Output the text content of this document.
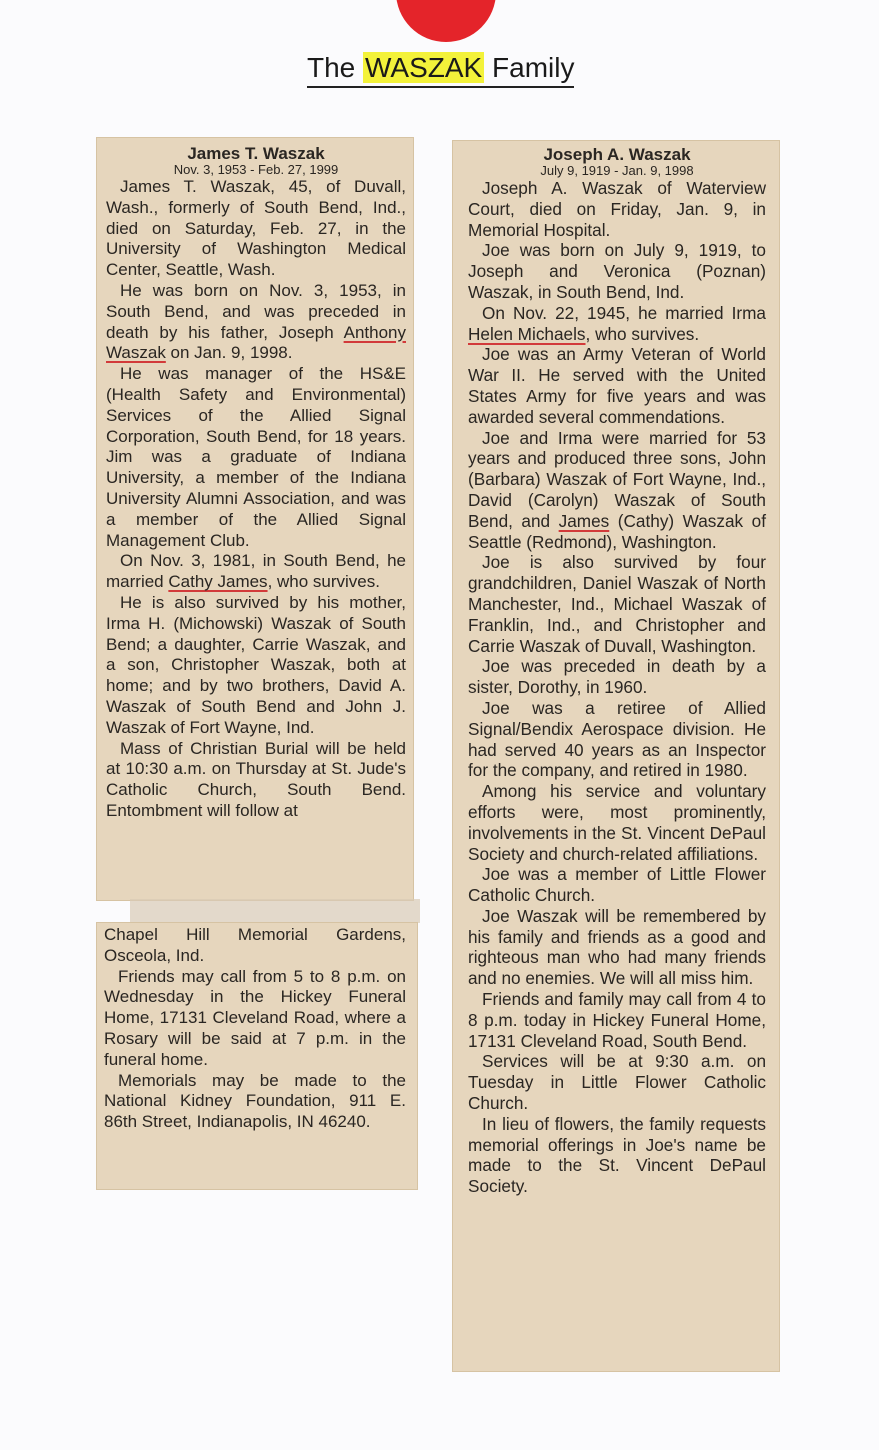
The WASZAK Family
James T. Waszak
Nov. 3, 1953 - Feb. 27, 1999

James T. Waszak, 45, of Duvall, Wash., formerly of South Bend, Ind., died on Saturday, Feb. 27, in the University of Washington Medical Center, Seattle, Wash.

He was born on Nov. 3, 1953, in South Bend, and was preceded in death by his father, Joseph Anthony Waszak on Jan. 9, 1998.

He was manager of the HS&E (Health Safety and Environmental) Services of the Allied Signal Corporation, South Bend, for 18 years. Jim was a graduate of Indiana University, a member of the Indiana University Alumni Association, and was a member of the Allied Signal Management Club.

On Nov. 3, 1981, in South Bend, he married Cathy James, who survives.

He is also survived by his mother, Irma H. (Michowski) Waszak of South Bend; a daughter, Carrie Waszak, and a son, Christopher Waszak, both at home; and by two brothers, David A. Waszak of South Bend and John J. Waszak of Fort Wayne, Ind.

Mass of Christian Burial will be held at 10:30 a.m. on Thursday at St. Jude's Catholic Church, South Bend. Entombment will follow at

Chapel Hill Memorial Gardens, Osceola, Ind.

Friends may call from 5 to 8 p.m. on Wednesday in the Hickey Funeral Home, 17131 Cleveland Road, where a Rosary will be said at 7 p.m. in the funeral home.

Memorials may be made to the National Kidney Foundation, 911 E. 86th Street, Indianapolis, IN 46240.

Joseph A. Waszak
July 9, 1919 - Jan. 9, 1998

Joseph A. Waszak of Waterview Court, died on Friday, Jan. 9, in Memorial Hospital.

Joe was born on July 9, 1919, to Joseph and Veronica (Poznan) Waszak, in South Bend, Ind.

On Nov. 22, 1945, he married Irma Helen Michaels, who survives.

Joe was an Army Veteran of World War II. He served with the United States Army for five years and was awarded several commendations.

Joe and Irma were married for 53 years and produced three sons, John (Barbara) Waszak of Fort Wayne, Ind., David (Carolyn) Waszak of South Bend, and James (Cathy) Waszak of Seattle (Redmond), Washington.

Joe is also survived by four grandchildren, Daniel Waszak of North Manchester, Ind., Michael Waszak of Franklin, Ind., and Christopher and Carrie Waszak of Duvall, Washington.

Joe was preceded in death by a sister, Dorothy, in 1960.

Joe was a retiree of Allied Signal/Bendix Aerospace division. He had served 40 years as an Inspector for the company, and retired in 1980.

Among his service and voluntary efforts were, most prominently, involvements in the St. Vincent DePaul Society and church-related affiliations.

Joe was a member of Little Flower Catholic Church.

Joe Waszak will be remembered by his family and friends as a good and righteous man who had many friends and no enemies. We will all miss him.

Friends and family may call from 4 to 8 p.m. today in Hickey Funeral Home, 17131 Cleveland Road, South Bend.

Services will be at 9:30 a.m. on Tuesday in Little Flower Catholic Church.

In lieu of flowers, the family requests memorial offerings in Joe's name be made to the St. Vincent DePaul Society.
